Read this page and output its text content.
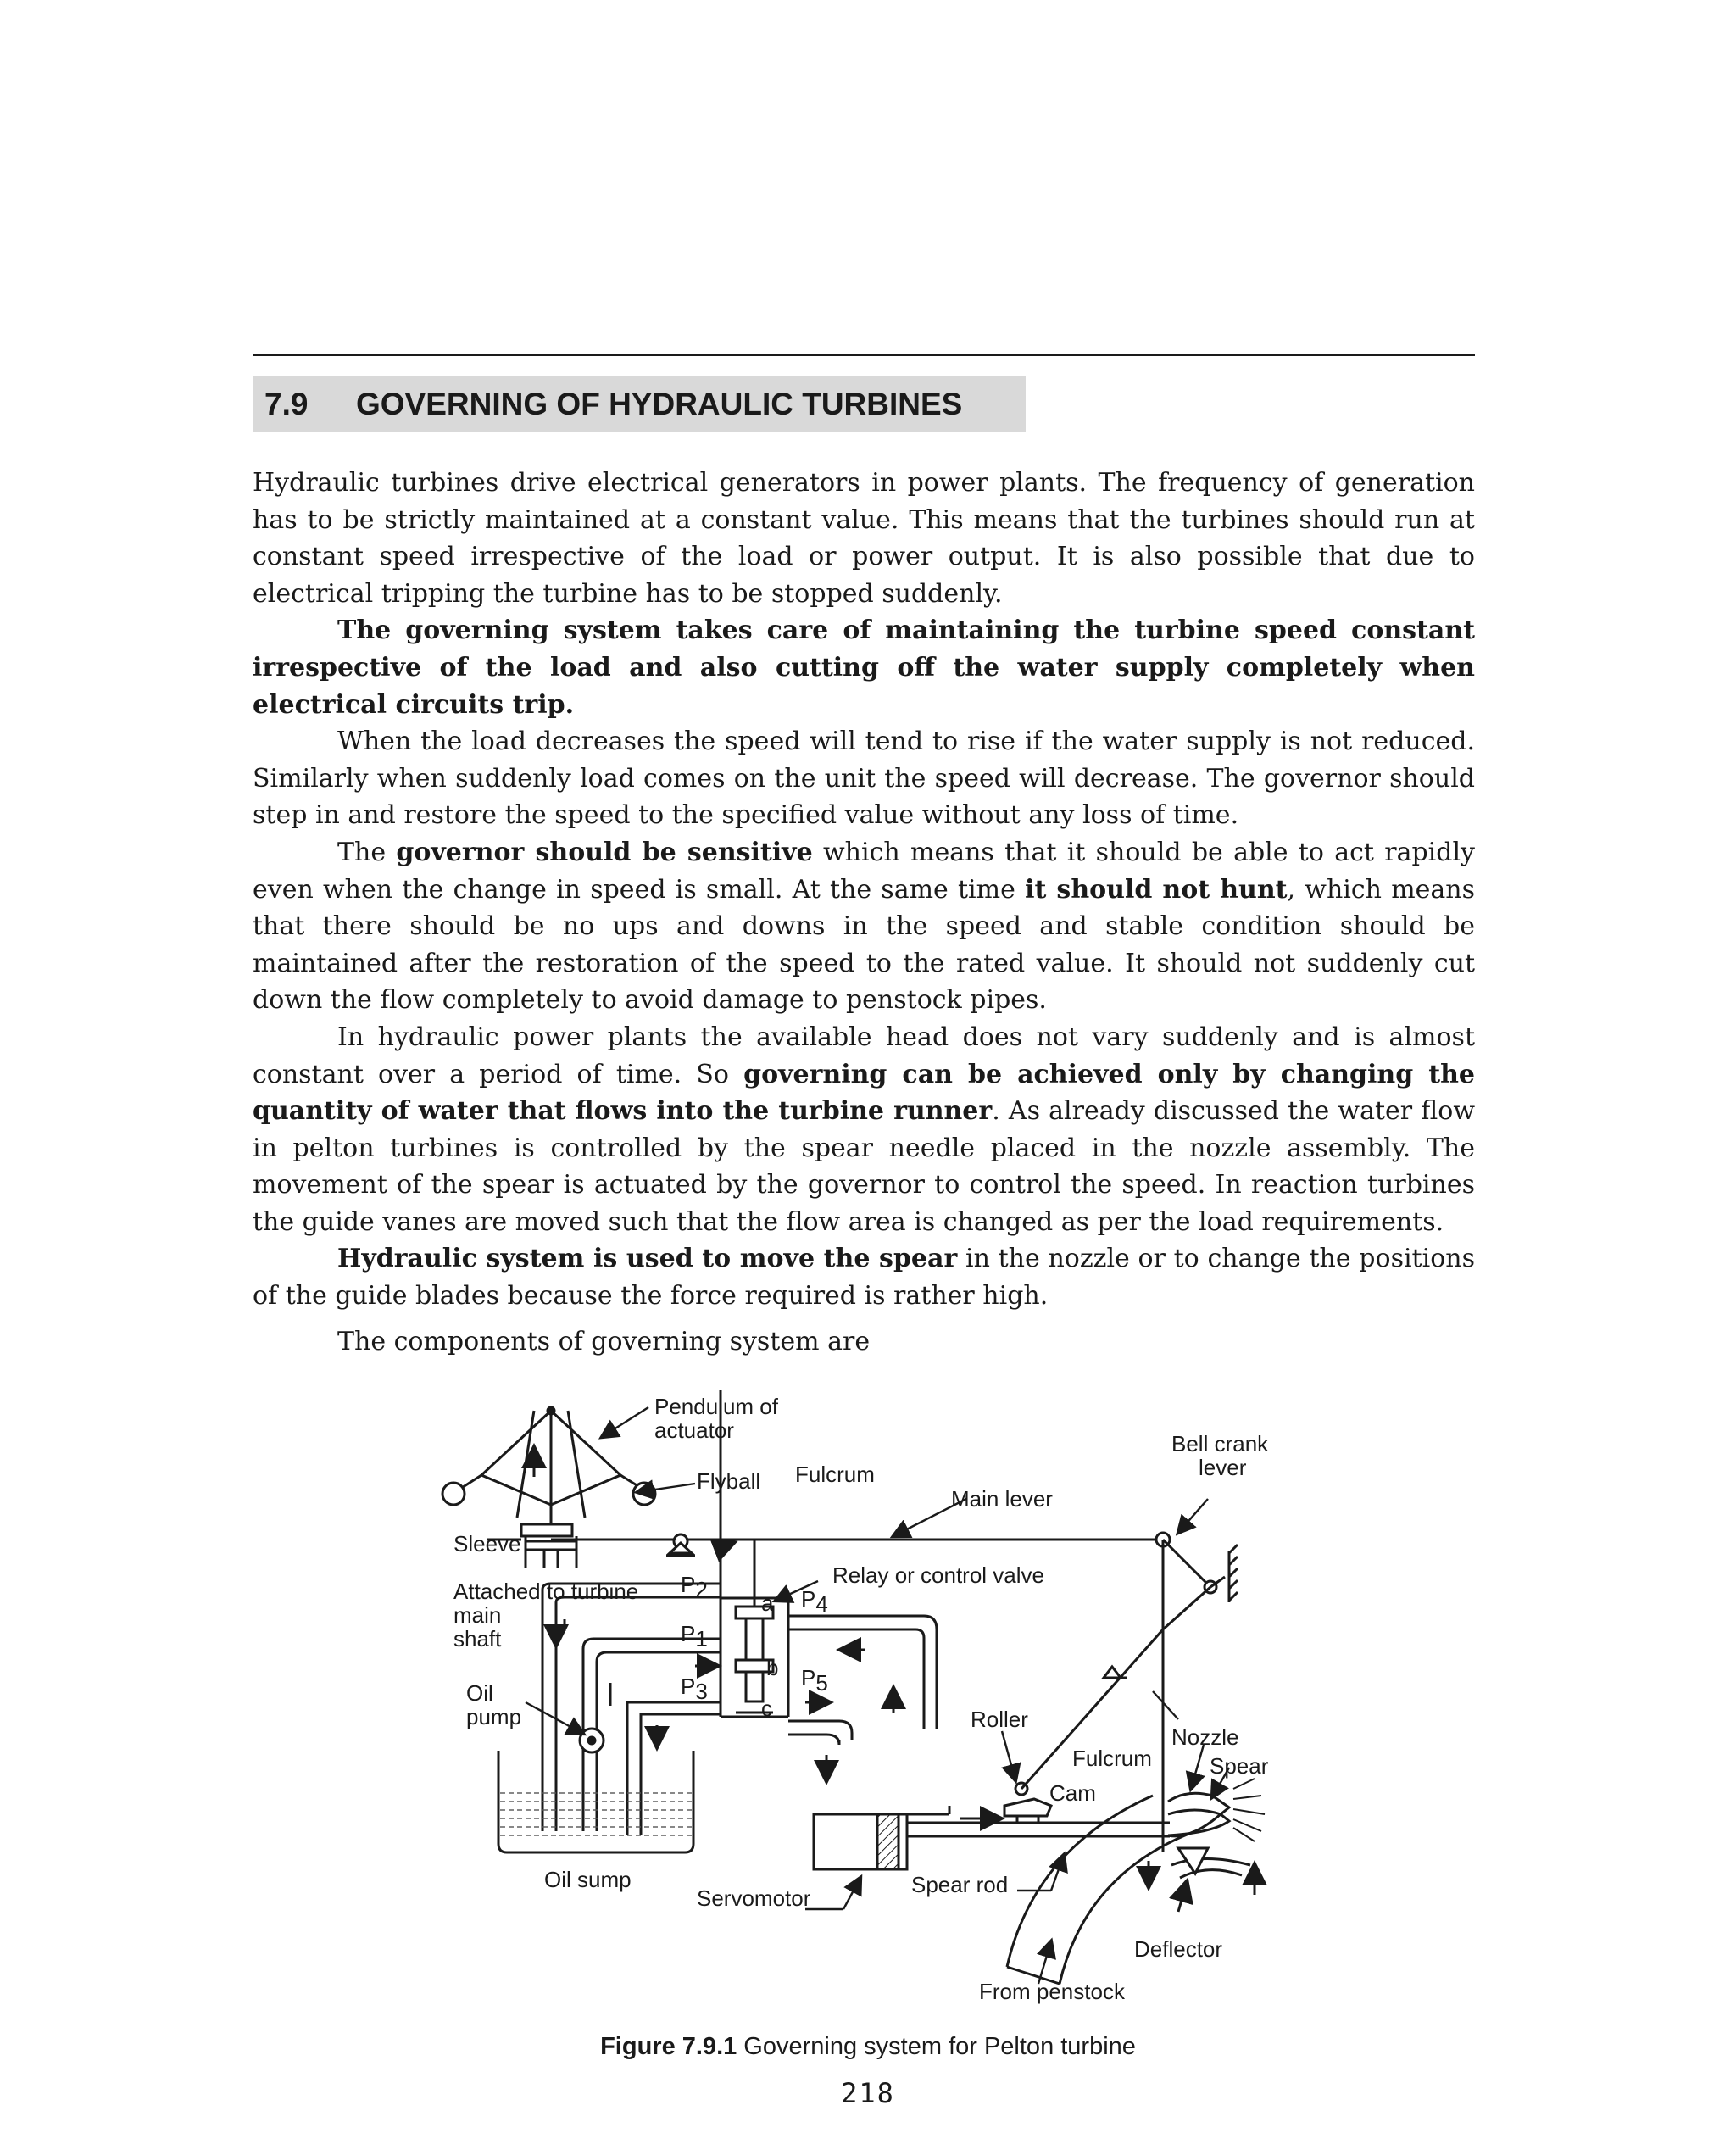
7.9 GOVERNING OF HYDRAULIC TURBINES

Hydraulic turbines drive electrical generators in power plants. The frequency of generation has to be strictly maintained at a constant value. This means that the turbines should run at constant speed irrespective of the load or power output. It is also possible that due to electrical tripping the turbine has to be stopped suddenly.

The governing system takes care of maintaining the turbine speed constant irrespective of the load and also cutting off the water supply completely when electrical circuits trip.

When the load decreases the speed will tend to rise if the water supply is not reduced. Similarly when suddenly load comes on the unit the speed will decrease. The governor should step in and restore the speed to the specified value without any loss of time.

The governor should be sensitive which means that it should be able to act rapidly even when the change in speed is small. At the same time it should not hunt, which means that there should be no ups and downs in the speed and stable condition should be maintained after the restoration of the speed to the rated value. It should not suddenly cut down the flow completely to avoid damage to penstock pipes.

In hydraulic power plants the available head does not vary suddenly and is almost constant over a period of time. So governing can be achieved only by changing the quantity of water that flows into the turbine runner. As already discussed the water flow in pelton turbines is controlled by the spear needle placed in the nozzle assembly. The movement of the spear is actuated by the governor to control the speed. In reaction turbines the guide vanes are moved such that the flow area is changed as per the load requirements.

Hydraulic system is used to move the spear in the nozzle or to change the positions of the guide blades because the force required is rather high.

The components of governing system are

Pendulum of
actuator
Flyball Fulcrum
Main lever
Bell crank
lever
Sleeve
Attached to turbine
main
shaft
Relay or control valve
Oil
pump
Oil sump
Servomotor
Spear rod
Roller
Fulcrum
Cam
Nozzle
Spear
Deflector
From penstock
a
b
c
P2
P1
P3
P4
P5
Figure 7.9.1 Governing system for Pelton turbine
218
